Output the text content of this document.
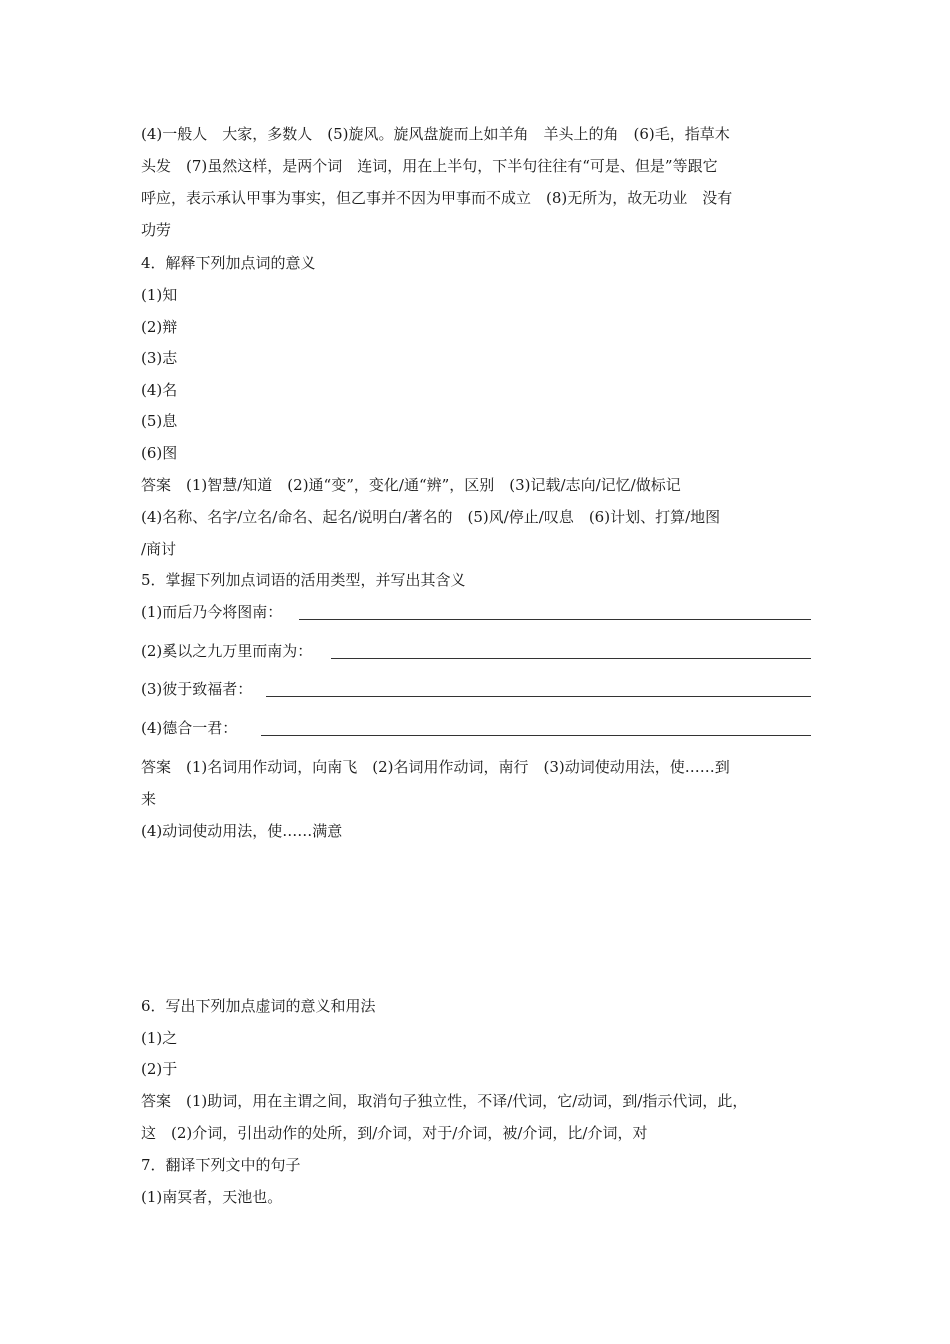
(4)一般人　大家，多数人　(5)旋风。旋风盘旋而上如羊角　羊头上的角　(6)毛，指草木
头发　(7)虽然这样，是两个词　连词，用在上半句，下半句往往有“可是、但是”等跟它
呼应，表示承认甲事为事实，但乙事并不因为甲事而不成立　(8)无所为，故无功业　没有
功劳
4．解释下列加点词的意义
(1)知
(2)辩
(3)志
(4)名
(5)息
(6)图
答案　(1)智慧/知道　(2)通“变”，变化/通“辨”，区别　(3)记载/志向/记忆/做标记
(4)名称、名字/立名/命名、起名/说明白/著名的　(5)风/停止/叹息　(6)计划、打算/地图
/商讨
5．掌握下列加点词语的活用类型，并写出其含义
(1)而后乃今将图南：
(2)奚以之九万里而南为：
(3)彼于致福者：
(4)德合一君：
答案　(1)名词用作动词，向南飞　(2)名词用作动词，南行　(3)动词使动用法，使……到
来
(4)动词使动用法，使……满意
6．写出下列加点虚词的意义和用法
(1)之
(2)于
答案　(1)助词，用在主谓之间，取消句子独立性，不译/代词，它/动词，到/指示代词，此，
这　(2)介词，引出动作的处所，到/介词，对于/介词，被/介词，比/介词，对
7．翻译下列文中的句子
(1)南冥者，天池也。
